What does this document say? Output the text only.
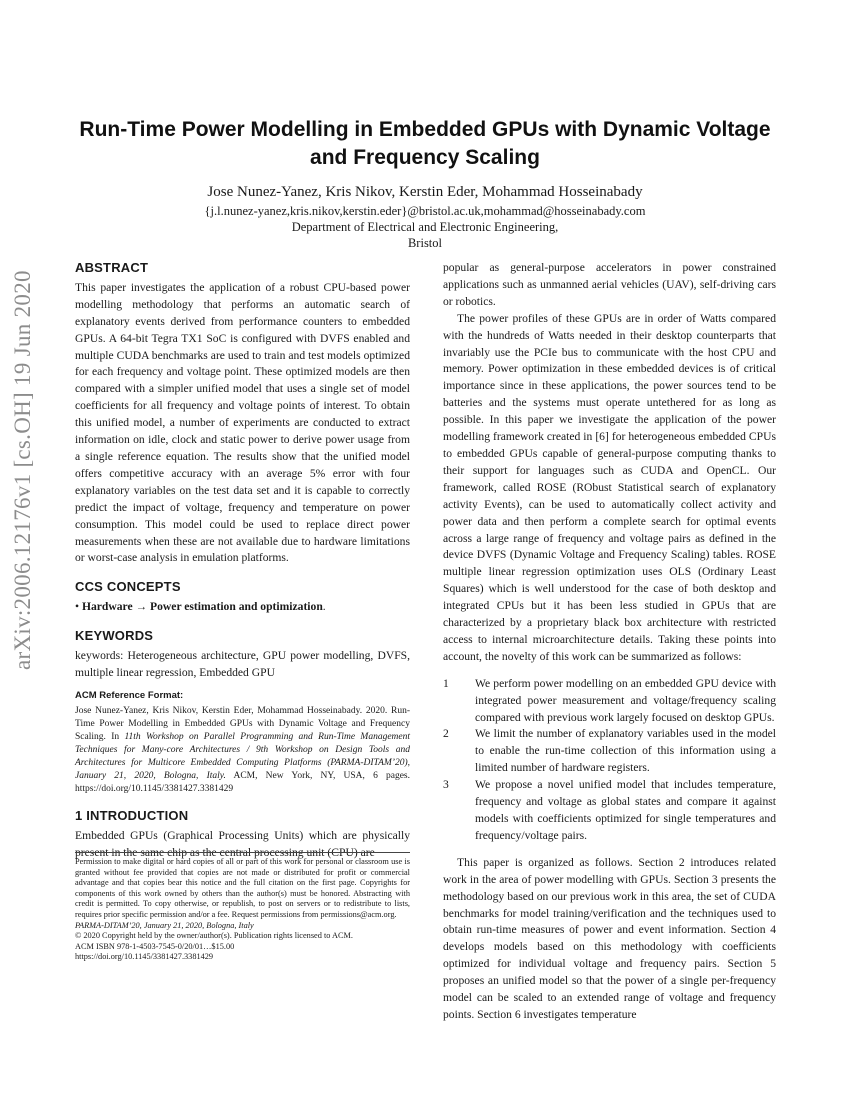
arXiv:2006.12176v1 [cs.OH] 19 Jun 2020
Run-Time Power Modelling in Embedded GPUs with Dynamic Voltage and Frequency Scaling
Jose Nunez-Yanez, Kris Nikov, Kerstin Eder, Mohammad Hosseinabady
{j.l.nunez-yanez,kris.nikov,kerstin.eder}@bristol.ac.uk,mohammad@hosseinabady.com
Department of Electrical and Electronic Engineering,
Bristol
ABSTRACT

This paper investigates the application of a robust CPU-based power modelling methodology that performs an automatic search of explanatory events derived from performance counters to embedded GPUs. A 64-bit Tegra TX1 SoC is configured with DVFS enabled and multiple CUDA benchmarks are used to train and test models optimized for each frequency and voltage point. These optimized models are then compared with a simpler unified model that uses a single set of model coefficients for all frequency and voltage points of interest. To obtain this unified model, a number of experiments are conducted to extract information on idle, clock and static power to derive power usage from a single reference equation. The results show that the unified model offers competitive accuracy with an average 5% error with four explanatory variables on the test data set and it is capable to correctly predict the impact of voltage, frequency and temperature on power consumption. This model could be used to replace direct power measurements when these are not available due to hardware limitations or worst-case analysis in emulation platforms.

CCS CONCEPTS

• Hardware → Power estimation and optimization.

KEYWORDS

keywords: Heterogeneous architecture, GPU power modelling, DVFS, multiple linear regression, Embedded GPU

ACM Reference Format:

Jose Nunez-Yanez, Kris Nikov, Kerstin Eder, Mohammad Hosseinabady. 2020. Run-Time Power Modelling in Embedded GPUs with Dynamic Voltage and Frequency Scaling. In 11th Workshop on Parallel Programming and Run-Time Management Techniques for Many-core Architectures / 9th Workshop on Design Tools and Architectures for Multicore Embedded Computing Platforms (PARMA-DITAM’20), January 21, 2020, Bologna, Italy. ACM, New York, NY, USA, 6 pages. https://doi.org/10.1145/3381427.3381429

1 INTRODUCTION

Embedded GPUs (Graphical Processing Units) which are physically present in the same chip as the central processing unit (CPU) are

Permission to make digital or hard copies of all or part of this work for personal or classroom use is granted without fee provided that copies are not made or distributed for profit or commercial advantage and that copies bear this notice and the full citation on the first page. Copyrights for components of this work owned by others than the author(s) must be honored. Abstracting with credit is permitted. To copy otherwise, or republish, to post on servers or to redistribute to lists, requires prior specific permission and/or a fee. Request permissions from permissions@acm.org.
PARMA-DITAM’20, January 21, 2020, Bologna, Italy
© 2020 Copyright held by the owner/author(s). Publication rights licensed to ACM.
ACM ISBN 978-1-4503-7545-0/20/01…$15.00
https://doi.org/10.1145/3381427.3381429

popular as general-purpose accelerators in power constrained applications such as unmanned aerial vehicles (UAV), self-driving cars or robotics.

The power profiles of these GPUs are in order of Watts compared with the hundreds of Watts needed in their desktop counterparts that invariably use the PCIe bus to communicate with the host CPU and memory. Power optimization in these embedded devices is of critical importance since in these applications, the power sources tend to be batteries and the systems must operate untethered for as long as possible. In this paper we investigate the application of the power modelling framework created in [6] for heterogeneous embedded CPUs to embedded GPUs capable of general-purpose computing thanks to their support for languages such as CUDA and OpenCL. Our framework, called ROSE (RObust Statistical search of explanatory activity Events), can be used to automatically collect activity and power data and then perform a complete search for optimal events across a large range of frequency and voltage pairs as defined in the device DVFS (Dynamic Voltage and Frequency Scaling) tables. ROSE multiple linear regression optimization uses OLS (Ordinary Least Squares) which is well understood for the case of both desktop and integrated CPUs but it has been less studied in GPUs that are characterized by a proprietary black box architecture with restricted access to internal microarchitecture details. Taking these points into account, the novelty of this work can be summarized as follows:

1	We perform power modelling on an embedded GPU device with integrated power measurement and voltage/frequency scaling compared with previous work largely focused on desktop GPUs.
2	We limit the number of explanatory variables used in the model to enable the run-time collection of this information using a limited number of hardware registers.
3	We propose a novel unified model that includes temperature, frequency and voltage as global states and compare it against models with coefficients optimized for single temperatures and frequency/voltage pairs.

This paper is organized as follows. Section 2 introduces related work in the area of power modelling with GPUs. Section 3 presents the methodology based on our previous work in this area, the set of CUDA benchmarks for model training/verification and the techniques used to obtain run-time measures of power and event information. Section 4 develops models based on this methodology with coefficients optimized for individual voltage and frequency pairs. Section 5 proposes an unified model so that the power of a single per-frequency model can be scaled to an extended range of voltage and frequency points. Section 6 investigates temperature
